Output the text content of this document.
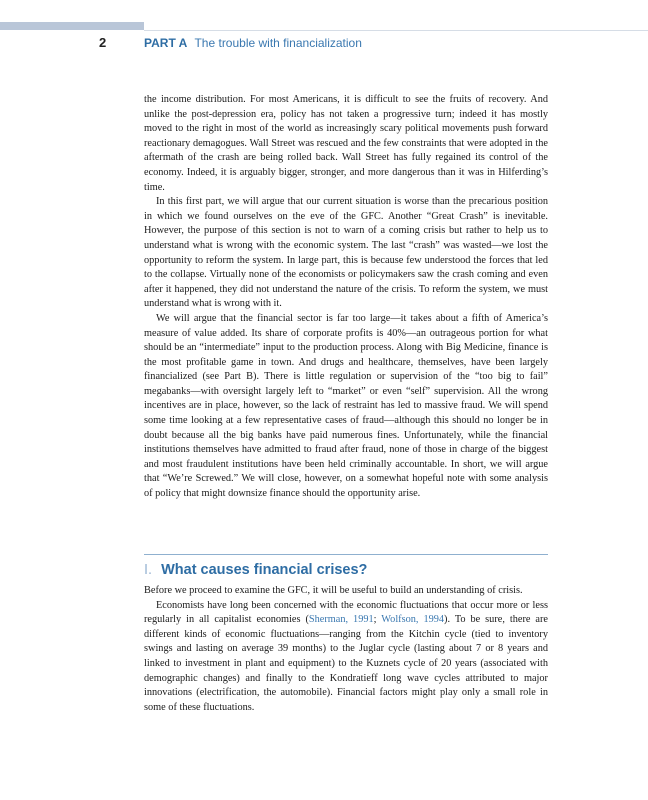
2	PART A The trouble with financialization

the income distribution. For most Americans, it is difficult to see the fruits of recovery. And unlike the post-depression era, policy has not taken a progressive turn; indeed it has mostly moved to the right in most of the world as increasingly scary political movements push forward reactionary demagogues. Wall Street was rescued and the few constraints that were adopted in the aftermath of the crash are being rolled back. Wall Street has fully regained its control of the economy. Indeed, it is arguably bigger, stronger, and more dangerous than it was in Hilferding’s time.

In this first part, we will argue that our current situation is worse than the precarious position in which we found ourselves on the eve of the GFC. Another “Great Crash” is inevitable. However, the purpose of this section is not to warn of a coming crisis but rather to help us to understand what is wrong with the economic system. The last “crash” was wasted—we lost the opportunity to reform the system. In large part, this is because few understood the forces that led to the collapse. Virtually none of the economists or policymakers saw the crash coming and even after it happened, they did not understand the nature of the crisis. To reform the system, we must understand what is wrong with it.

We will argue that the financial sector is far too large—it takes about a fifth of America’s measure of value added. Its share of corporate profits is 40%—an outrageous portion for what should be an “intermediate” input to the production process. Along with Big Medicine, finance is the most profitable game in town. And drugs and healthcare, themselves, have been largely financialized (see Part B). There is little regulation or supervision of the “too big to fail” megabanks—with oversight largely left to “market” or even “self” supervision. All the wrong incentives are in place, however, so the lack of restraint has led to massive fraud. We will spend some time looking at a few representative cases of fraud—although this should no longer be in doubt because all the big banks have paid numerous fines. Unfortunately, while the financial institutions themselves have admitted to fraud after fraud, none of those in charge of the biggest and most fraudulent institutions have been held criminally accountable. In short, we will argue that “We’re Screwed.” We will close, however, on a somewhat hopeful note with some analysis of policy that might downsize finance should the opportunity arise.

I. What causes financial crises?

Before we proceed to examine the GFC, it will be useful to build an understanding of crisis.

Economists have long been concerned with the economic fluctuations that occur more or less regularly in all capitalist economies (Sherman, 1991; Wolfson, 1994). To be sure, there are different kinds of economic fluctuations—ranging from the Kitchin cycle (tied to inventory swings and lasting on average 39 months) to the Juglar cycle (lasting about 7 or 8 years and linked to investment in plant and equipment) to the Kuznets cycle of 20 years (associated with demographic changes) and finally to the Kondratieff long wave cycles attributed to major innovations (electrification, the automobile). Financial factors might play only a small role in some of these fluctuations.
